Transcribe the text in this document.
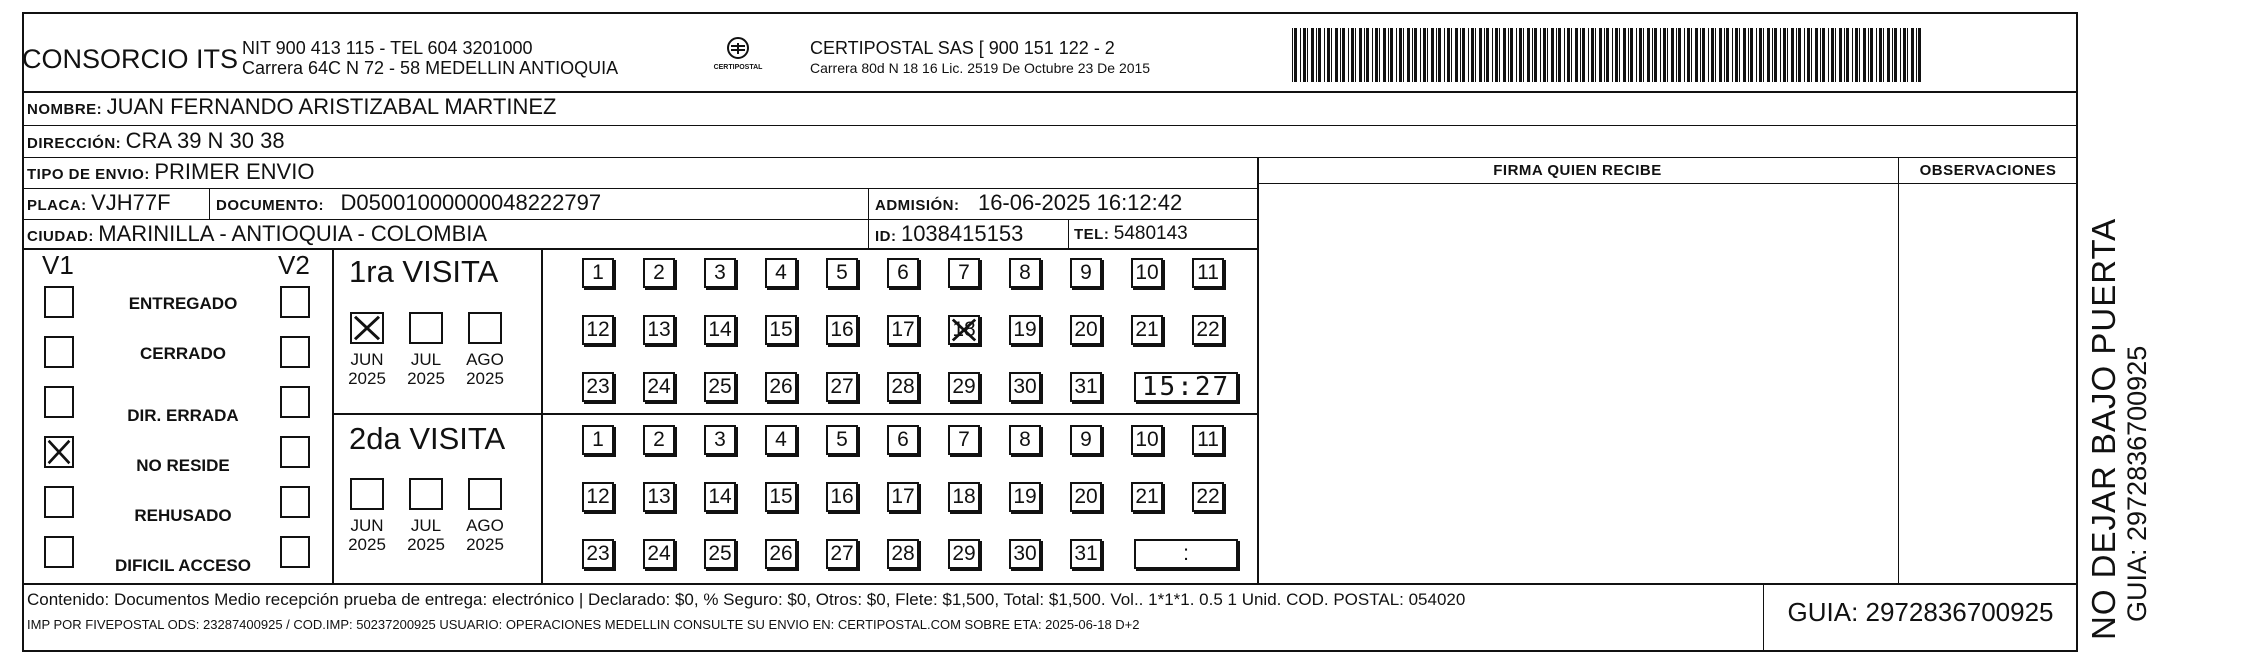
CONSORCIO ITS NIT 900 413 115 - TEL 604 3201000
Carrera 64C N 72 - 58 MEDELLIN ANTIOQUIA	CERTIPOSTAL
CERTIPOSTAL SAS [ 900 151 122 - 2
Carrera 80d N 18 16 Lic. 2519 De Octubre 23 De 2015
NOMBRE: JUAN FERNANDO ARISTIZABAL MARTINEZ
DIRECCIÓN: CRA 39 N 30 38
TIPO DE ENVIO: PRIMER ENVIO
PLACA: VJH77F	DOCUMENTO: D05001000000048222797	ADMISIÓN: 16-06-2025 16:12:42
CIUDAD: MARINILLA - ANTIOQUIA - COLOMBIA	ID: 1038415153	TEL: 5480143
FIRMA QUIEN RECIBE	OBSERVACIONES
V1	V2
ENTREGADO
CERRADO
DIR. ERRADA
NO RESIDE
REHUSADO
DIFICIL ACCESO
1ra VISITA
2da VISITA
JUN
2025
JUL
2025
AGO
2025
JUN
2025
JUL
2025
AGO
2025
1	2	3	4	5	6	7	8	9	10 11
12 13 14 15 16 17 18 19 20 21 22
23 24 25 26 27 28 29 30 31	15:27
1	2	3	4	5	6	7	8	9	10 11
12 13 14 15 16 17 18 19 20 21 22
23 24 25 26 27 28 29 30 31	:
Contenido: Documentos Medio recepción prueba de entrega: electrónico | Declarado: $0, % Seguro: $0, Otros: $0, Flete: $1,500, Total: $1,500. Vol.. 1*1*1. 0.5 1 Unid. COD. POSTAL: 054020
IMP POR FIVEPOSTAL ODS: 23287400925 / COD.IMP: 50237200925 USUARIO: OPERACIONES MEDELLIN CONSULTE SU ENVIO EN: CERTIPOSTAL.COM SOBRE ETA: 2025-06-18 D+2	GUIA: 2972836700925 NO DEJAR BAJO PUERTA GUIA: 2972836700925
